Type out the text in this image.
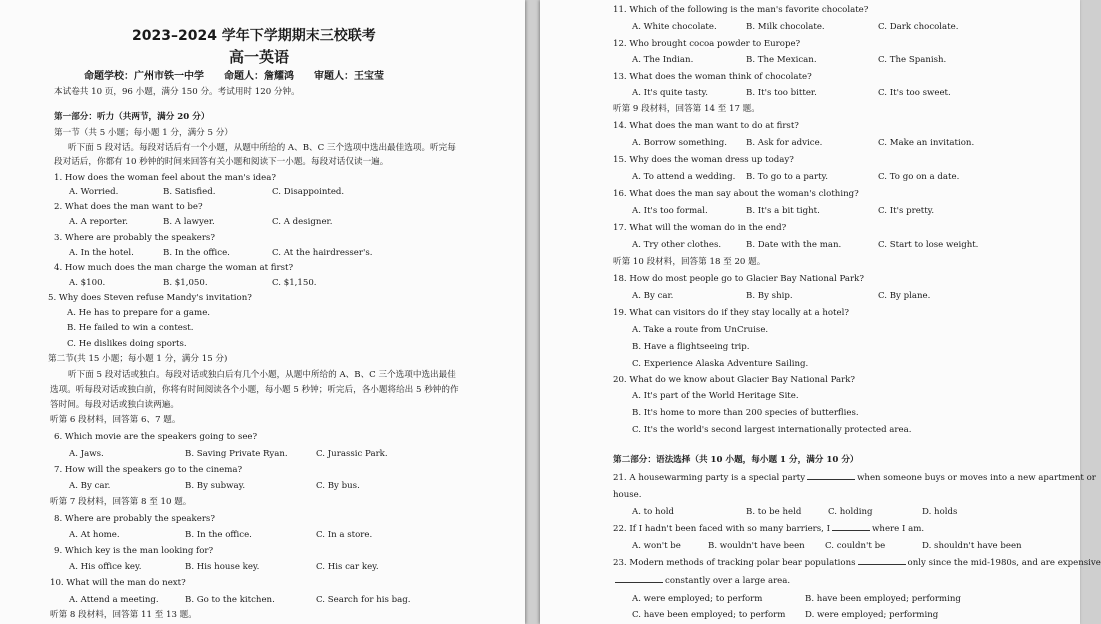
2023–2024 学年下学期期末三校联考
高一英语
命题学校：广州市铁一中学　　命题人：詹耀鸿　　审题人：王宝莹
本试卷共 10 页，96 小题，满分 150 分。考试用时 120 分钟。
第一部分：听力（共两节，满分 20 分）
第一节（共 5 小题；每小题 1 分，满分 5 分）
听下面 5 段对话。每段对话后有一个小题，从题中所给的 A、B、C 三个选项中选出最佳选项。听完每
段对话后，你都有 10 秒钟的时间来回答有关小题和阅读下一小题。每段对话仅读一遍。
1. How does the woman feel about the man's idea?
A. Worried.	B. Satisfied.	C. Disappointed.
2. What does the man want to be?
A. A reporter.	B. A lawyer.	C. A designer.
3. Where are probably the speakers?
A. In the hotel.	B. In the office.	C. At the hairdresser's.
4. How much does the man charge the woman at first?
A. $100.	B. $1,050.	C. $1,150.
5. Why does Steven refuse Mandy's invitation?
A. He has to prepare for a game.
B. He failed to win a contest.
C. He dislikes doing sports.
第二节(共 15 小题；每小题 1 分，满分 15 分)
听下面 5 段对话或独白。每段对话或独白后有几个小题，从题中所给的 A、B、C 三个选项中选出最佳
选项。听每段对话或独白前，你将有时间阅读各个小题，每小题 5 秒钟；听完后，各小题将给出 5 秒钟的作
答时间。每段对话或独白读两遍。
听第 6 段材料，回答第 6、7 题。
6. Which movie are the speakers going to see?
A. Jaws.	B. Saving Private Ryan.	C. Jurassic Park.
7. How will the speakers go to the cinema?
A. By car.	B. By subway.	C. By bus.
听第 7 段材料，回答第 8 至 10 题。
8. Where are probably the speakers?
A. At home.	B. In the office.	C. In a store.
9. Which key is the man looking for?
A. His office key.	B. His house key.	C. His car key.
10. What will the man do next?
A. Attend a meeting.	B. Go to the kitchen.	C. Search for his bag.
听第 8 段材料，回答第 11 至 13 题。
11. Which of the following is the man's favorite chocolate?
A. White chocolate.	B. Milk chocolate.	C. Dark chocolate.
12. Who brought cocoa powder to Europe?
A. The Indian.	B. The Mexican.	C. The Spanish.
13. What does the woman think of chocolate?
A. It's quite tasty.	B. It's too bitter.	C. It's too sweet.
听第 9 段材料，回答第 14 至 17 题。
14. What does the man want to do at first?
A. Borrow something. B. Ask for advice.	C. Make an invitation.
15. Why does the woman dress up today?
A. To attend a wedding. B. To go to a party.	C. To go on a date.
16. What does the man say about the woman's clothing?
A. It's too formal.	B. It's a bit tight.	C. It's pretty.
17. What will the woman do in the end?
A. Try other clothes.	B. Date with the man.	C. Start to lose weight.
听第 10 段材料，回答第 18 至 20 题。
18. How do most people go to Glacier Bay National Park?
A. By car.	B. By ship.	C. By plane.
19. What can visitors do if they stay locally at a hotel?
A. Take a route from UnCruise.
B. Have a flightseeing trip.
C. Experience Alaska Adventure Sailing.
20. What do we know about Glacier Bay National Park?
A. It's part of the World Heritage Site.
B. It's home to more than 200 species of butterflies.
C. It's the world's second largest internationally protected area.
第二部分：语法选择（共 10 小题，每小题 1 分，满分 10 分）
21. A housewarming party is a special party	when someone buys or moves into a new apartment or
house.
A. to hold	B. to be held	C. holding	D. holds
22. If I hadn't been faced with so many barriers, I	where I am.
A. won't be	B. wouldn't have been C. couldn't be	D. shouldn't have been
23. Modern methods of tracking polar bear populations	only since the mid-1980s, and are expensive
constantly over a large area.
A. were employed; to perform	B. have been employed; performing
C. have been employed; to perform D. were employed; performing
